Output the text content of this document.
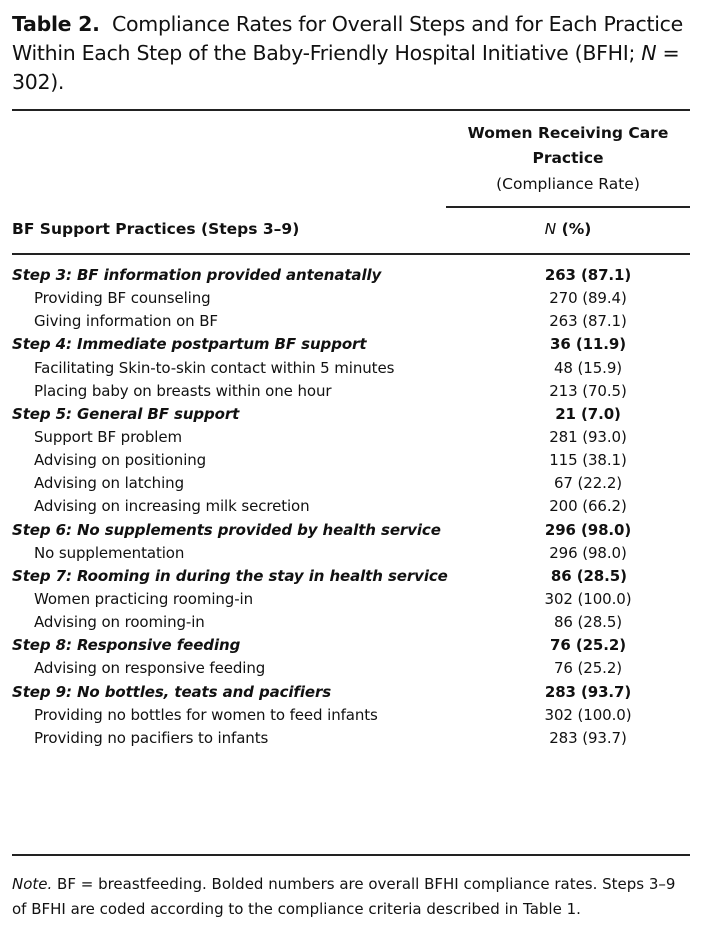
Table 2. Compliance Rates for Overall Steps and for Each Practice Within Each Step of the Baby-Friendly Hospital Initiative (BFHI; N = 302).
Women Receiving Care
Practice
(Compliance Rate)
BF Support Practices (Steps 3–9)	N (%)
Step 3: BF information provided antenatally	263 (87.1)
Providing BF counseling	270 (89.4)
Giving information on BF	263 (87.1)
Step 4: Immediate postpartum BF support	36 (11.9)
Facilitating Skin-to-skin contact within 5 minutes	48 (15.9)
Placing baby on breasts within one hour	213 (70.5)
Step 5: General BF support	21 (7.0)
Support BF problem	281 (93.0)
Advising on positioning	115 (38.1)
Advising on latching	67 (22.2)
Advising on increasing milk secretion	200 (66.2)
Step 6: No supplements provided by health service	296 (98.0)
No supplementation	296 (98.0)
Step 7: Rooming in during the stay in health service	86 (28.5)
Women practicing rooming-in	302 (100.0)
Advising on rooming-in	86 (28.5)
Step 8: Responsive feeding	76 (25.2)
Advising on responsive feeding	76 (25.2)
Step 9: No bottles, teats and pacifiers	283 (93.7)
Providing no bottles for women to feed infants	302 (100.0)
Providing no pacifiers to infants	283 (93.7)
Note. BF = breastfeeding. Bolded numbers are overall BFHI compliance rates. Steps 3–9 of BFHI are coded according to the compliance criteria described in Table 1.
